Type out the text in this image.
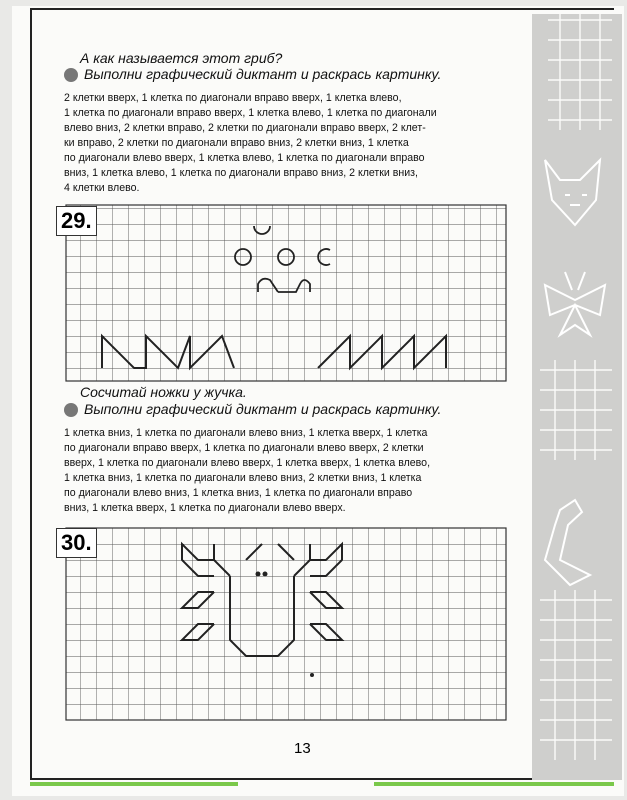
А как называется этот гриб?
Выполни графический диктант и раскрась картинку.
2 клетки вверх, 1 клетка по диагонали вправо вверх, 1 клетка влево,
1 клетка по диагонали вправо вверх, 1 клетка влево, 1 клетка по диагонали
влево вниз, 2 клетки вправо, 2 клетки по диагонали вправо вверх, 2 клет-
ки вправо, 2 клетки по диагонали вправо вниз, 2 клетки вниз, 1 клетка
по диагонали влево вверх, 1 клетка влево, 1 клетка по диагонали вправо
вниз, 1 клетка влево, 1 клетка по диагонали вправо вниз, 2 клетки вниз,
4 клетки влево.
29.
Сосчитай ножки у жучка.
Выполни графический диктант и раскрась картинку.
1 клетка вниз, 1 клетка по диагонали влево вниз, 1 клетка вверх, 1 клетка
по диагонали вправо вверх, 1 клетка по диагонали влево вверх, 2 клетки
вверх, 1 клетка по диагонали влево вверх, 1 клетка вверх, 1 клетка влево,
1 клетка вниз, 1 клетка по диагонали влево вниз, 2 клетки вниз, 1 клетка
по диагонали влево вниз, 1 клетка вниз, 1 клетка по диагонали вправо
вниз, 1 клетка вверх, 1 клетка по диагонали влево вверх.
30.
13
